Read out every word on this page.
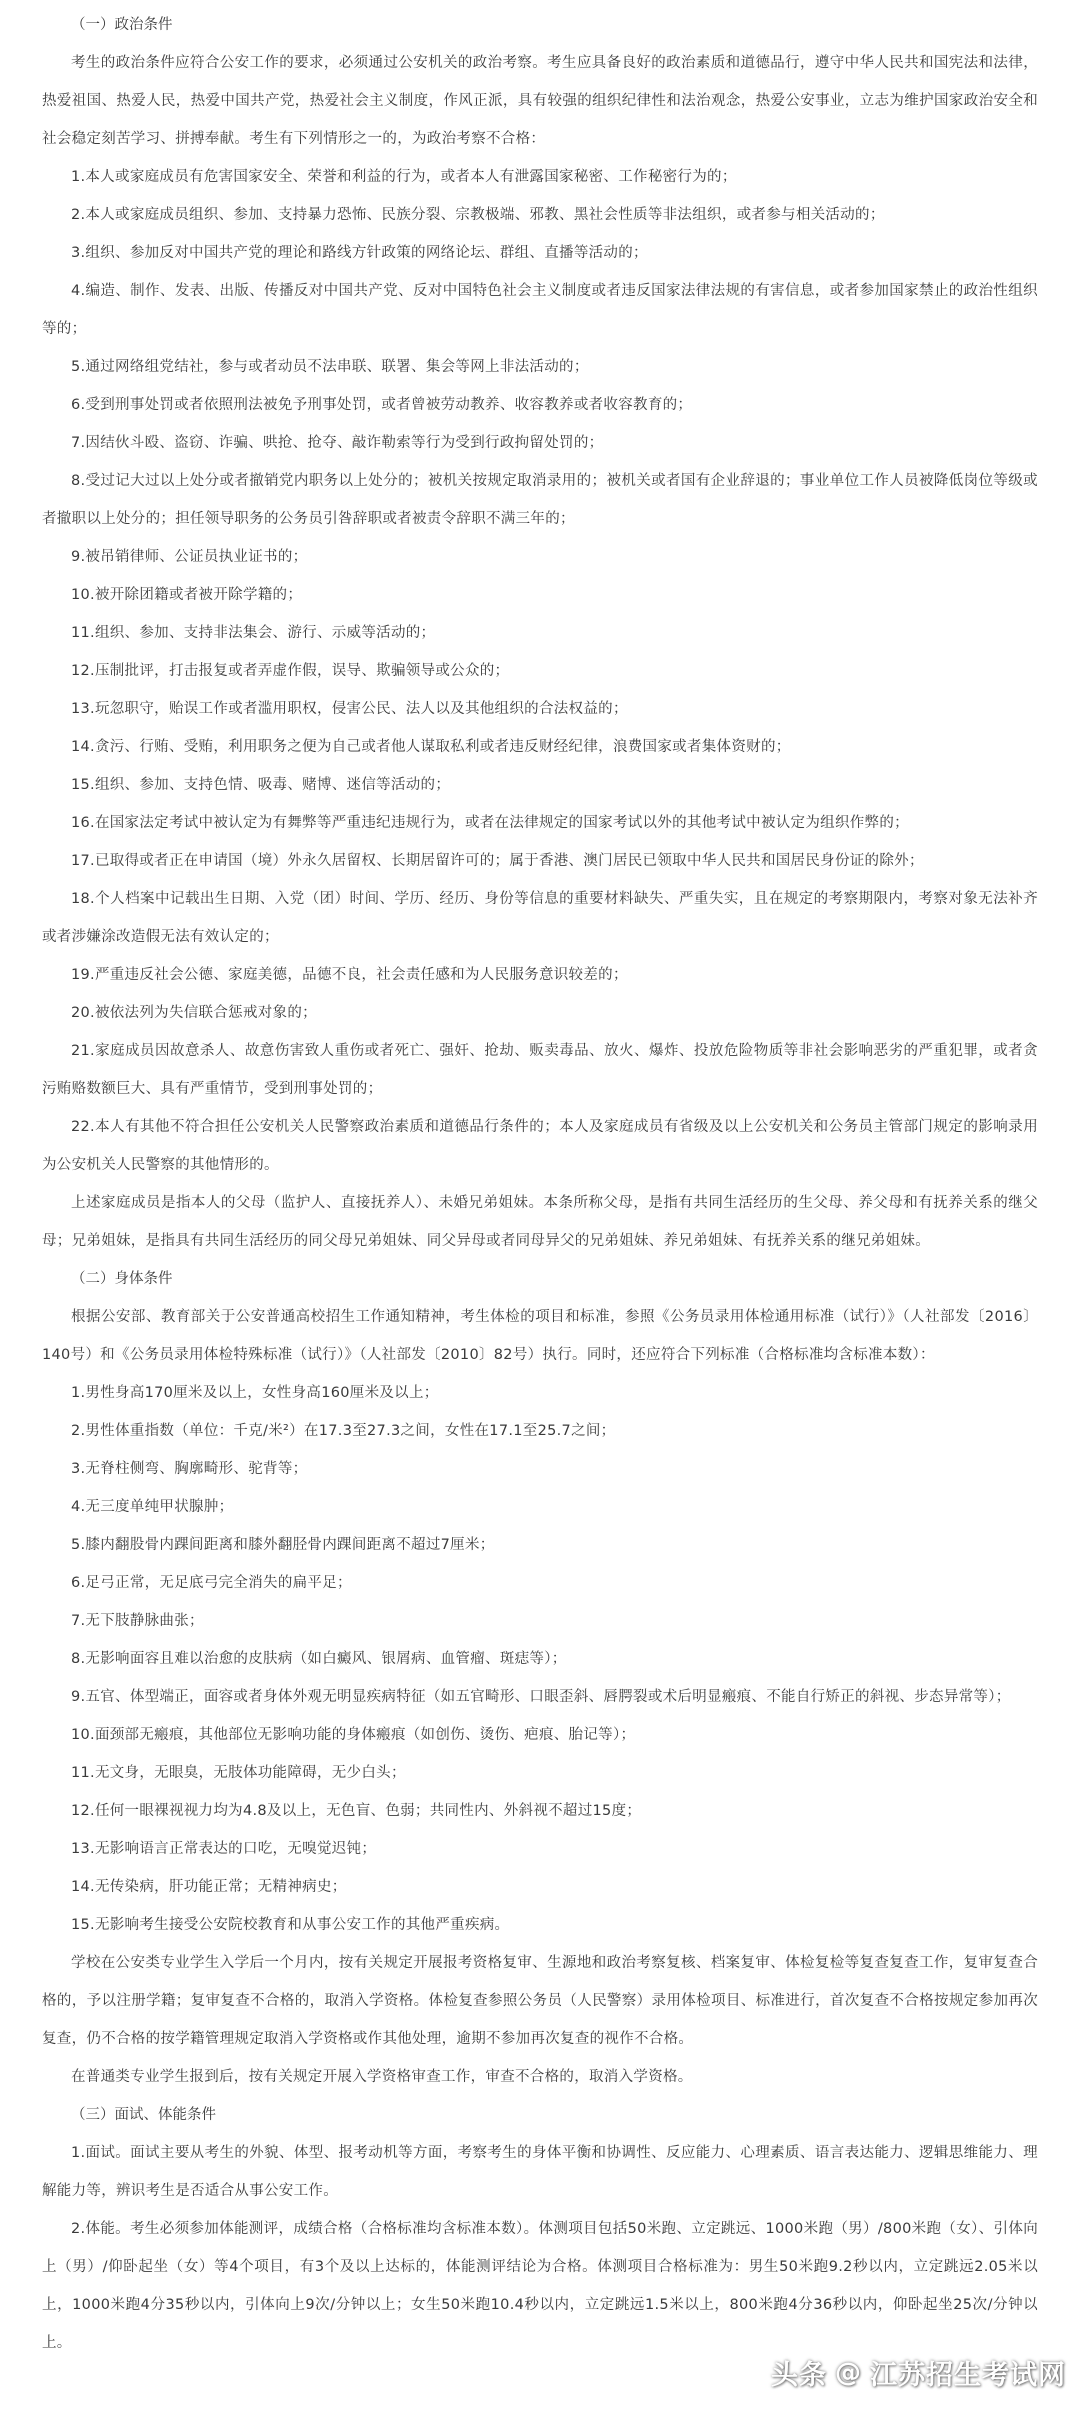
（一）政治条件

考生的政治条件应符合公安工作的要求，必须通过公安机关的政治考察。考生应具备良好的政治素质和道德品行，遵守中华人民共和国宪法和法律，热爱祖国、热爱人民，热爱中国共产党，热爱社会主义制度，作风正派，具有较强的组织纪律性和法治观念，热爱公安事业，立志为维护国家政治安全和社会稳定刻苦学习、拼搏奉献。考生有下列情形之一的，为政治考察不合格：

1.本人或家庭成员有危害国家安全、荣誉和利益的行为，或者本人有泄露国家秘密、工作秘密行为的；

2.本人或家庭成员组织、参加、支持暴力恐怖、民族分裂、宗教极端、邪教、黑社会性质等非法组织，或者参与相关活动的；

3.组织、参加反对中国共产党的理论和路线方针政策的网络论坛、群组、直播等活动的；

4.编造、制作、发表、出版、传播反对中国共产党、反对中国特色社会主义制度或者违反国家法律法规的有害信息，或者参加国家禁止的政治性组织等的；

5.通过网络组党结社，参与或者动员不法串联、联署、集会等网上非法活动的；

6.受到刑事处罚或者依照刑法被免予刑事处罚，或者曾被劳动教养、收容教养或者收容教育的；

7.因结伙斗殴、盗窃、诈骗、哄抢、抢夺、敲诈勒索等行为受到行政拘留处罚的；

8.受过记大过以上处分或者撤销党内职务以上处分的；被机关按规定取消录用的；被机关或者国有企业辞退的；事业单位工作人员被降低岗位等级或者撤职以上处分的；担任领导职务的公务员引咎辞职或者被责令辞职不满三年的；

9.被吊销律师、公证员执业证书的；

10.被开除团籍或者被开除学籍的；

11.组织、参加、支持非法集会、游行、示威等活动的；

12.压制批评，打击报复或者弄虚作假，误导、欺骗领导或公众的；

13.玩忽职守，贻误工作或者滥用职权，侵害公民、法人以及其他组织的合法权益的；

14.贪污、行贿、受贿，利用职务之便为自己或者他人谋取私利或者违反财经纪律，浪费国家或者集体资财的；

15.组织、参加、支持色情、吸毒、赌博、迷信等活动的；

16.在国家法定考试中被认定为有舞弊等严重违纪违规行为，或者在法律规定的国家考试以外的其他考试中被认定为组织作弊的；

17.已取得或者正在申请国（境）外永久居留权、长期居留许可的；属于香港、澳门居民已领取中华人民共和国居民身份证的除外；

18.个人档案中记载出生日期、入党（团）时间、学历、经历、身份等信息的重要材料缺失、严重失实，且在规定的考察期限内，考察对象无法补齐或者涉嫌涂改造假无法有效认定的；

19.严重违反社会公德、家庭美德，品德不良，社会责任感和为人民服务意识较差的；

20.被依法列为失信联合惩戒对象的；

21.家庭成员因故意杀人、故意伤害致人重伤或者死亡、强奸、抢劫、贩卖毒品、放火、爆炸、投放危险物质等非社会影响恶劣的严重犯罪，或者贪污贿赂数额巨大、具有严重情节，受到刑事处罚的；

22.本人有其他不符合担任公安机关人民警察政治素质和道德品行条件的；本人及家庭成员有省级及以上公安机关和公务员主管部门规定的影响录用为公安机关人民警察的其他情形的。

上述家庭成员是指本人的父母（监护人、直接抚养人）、未婚兄弟姐妹。本条所称父母，是指有共同生活经历的生父母、养父母和有抚养关系的继父母；兄弟姐妹，是指具有共同生活经历的同父母兄弟姐妹、同父异母或者同母异父的兄弟姐妹、养兄弟姐妹、有抚养关系的继兄弟姐妹。

（二）身体条件

根据公安部、教育部关于公安普通高校招生工作通知精神，考生体检的项目和标准，参照《公务员录用体检通用标准（试行）》（人社部发〔2016〕140号）和《公务员录用体检特殊标准（试行）》（人社部发〔2010〕82号）执行。同时，还应符合下列标准（合格标准均含标准本数）：

1.男性身高170厘米及以上，女性身高160厘米及以上；

2.男性体重指数（单位：千克/米²）在17.3至27.3之间，女性在17.1至25.7之间；

3.无脊柱侧弯、胸廓畸形、驼背等；

4.无三度单纯甲状腺肿；

5.膝内翻股骨内踝间距离和膝外翻胫骨内踝间距离不超过7厘米；

6.足弓正常，无足底弓完全消失的扁平足；

7.无下肢静脉曲张；

8.无影响面容且难以治愈的皮肤病（如白癜风、银屑病、血管瘤、斑痣等）；

9.五官、体型端正，面容或者身体外观无明显疾病特征（如五官畸形、口眼歪斜、唇腭裂或术后明显瘢痕、不能自行矫正的斜视、步态异常等）；

10.面颈部无瘢痕，其他部位无影响功能的身体瘢痕（如创伤、烫伤、疤痕、胎记等）；

11.无文身，无眼臭，无肢体功能障碍，无少白头；

12.任何一眼裸视视力均为4.8及以上，无色盲、色弱；共同性内、外斜视不超过15度；

13.无影响语言正常表达的口吃，无嗅觉迟钝；

14.无传染病，肝功能正常；无精神病史；

15.无影响考生接受公安院校教育和从事公安工作的其他严重疾病。

学校在公安类专业学生入学后一个月内，按有关规定开展报考资格复审、生源地和政治考察复核、档案复审、体检复检等复查复查工作，复审复查合格的，予以注册学籍；复审复查不合格的，取消入学资格。体检复查参照公务员（人民警察）录用体检项目、标准进行，首次复查不合格按规定参加再次复查，仍不合格的按学籍管理规定取消入学资格或作其他处理，逾期不参加再次复查的视作不合格。

在普通类专业学生报到后，按有关规定开展入学资格审查工作，审查不合格的，取消入学资格。

（三）面试、体能条件

1.面试。面试主要从考生的外貌、体型、报考动机等方面，考察考生的身体平衡和协调性、反应能力、心理素质、语言表达能力、逻辑思维能力、理解能力等，辨识考生是否适合从事公安工作。

2.体能。考生必须参加体能测评，成绩合格（合格标准均含标准本数）。体测项目包括50米跑、立定跳远、1000米跑（男）/800米跑（女）、引体向上（男）/仰卧起坐（女）等4个项目，有3个及以上达标的，体能测评结论为合格。体测项目合格标准为：男生50米跑9.2秒以内，立定跳远2.05米以上，1000米跑4分35秒以内，引体向上9次/分钟以上；女生50米跑10.4秒以内，立定跳远1.5米以上，800米跑4分36秒以内，仰卧起坐25次/分钟以上。

头条 @ 江苏招生考试网
